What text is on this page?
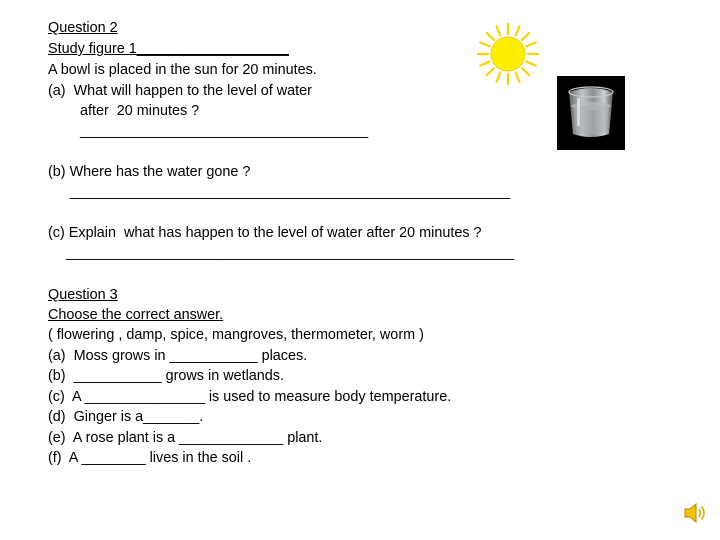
Question 2
Study figure 1___________________
A bowl is placed in the sun for 20 minutes.
(a)  What will happen to the level of water
after  20 minutes ?
____________________________________
(b) Where has the water gone ?
_______________________________________________________
(c) Explain  what has happen to the level of water after 20 minutes ?
________________________________________________________
Question 3
Choose the correct answer.
( flowering , damp, spice, mangroves, thermometer, worm )
(a)  Moss grows in ___________ places.
(b)  ___________ grows in wetlands.
(c)  A _______________ is used to measure body temperature.
(d)  Ginger is a_______.
(e)  A rose plant is a _____________ plant.
(f)  A ________ lives in the soil .
